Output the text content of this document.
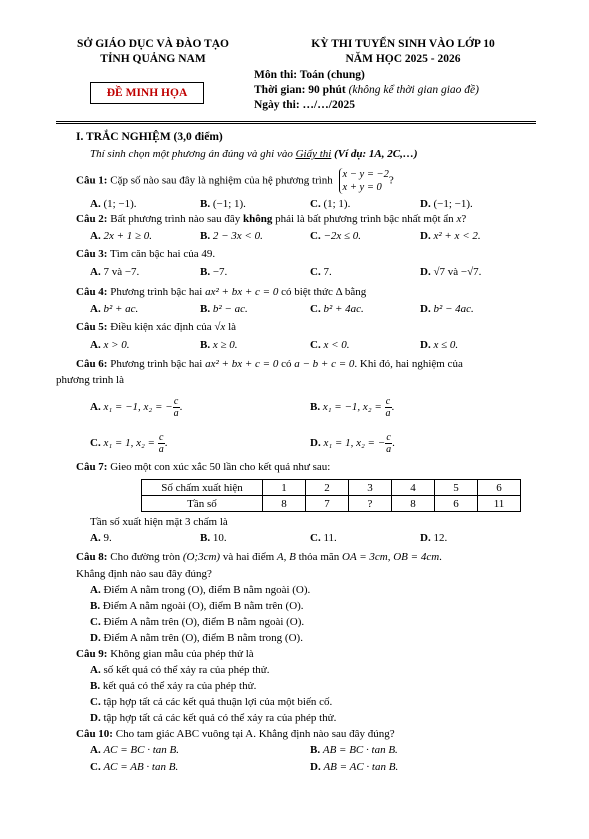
SỞ GIÁO DỤC VÀ ĐÀO TẠO
TỈNH QUẢNG NAM
ĐỀ MINH HỌA
KỲ THI TUYỂN SINH VÀO LỚP 10
NĂM HỌC 2025 - 2026
Môn thi: Toán (chung)
Thời gian: 90 phút (không kể thời gian giao đề)
Ngày thi: …/…/2025
I. TRẮC NGHIỆM (3,0 điểm)
Thí sinh chọn một phương án đúng và ghi vào Giấy thi (Ví dụ: 1A, 2C,…)
Câu 1: Cặp số nào sau đây là nghiệm của hệ phương trình
x − y = −2
x + y = 0
?
A. (1; −1).	B. (−1; 1).	C. (1; 1).	D. (−1; −1).
Câu 2: Bất phương trình nào sau đây không phải là bất phương trình bậc nhất một ẩn x?
A. 2x + 1 ≥ 0.	B. 2 − 3x < 0.	C. −2x ≤ 0.	D. x² + x < 2.
Câu 3: Tìm căn bậc hai của 49.
A. 7 và −7.	B. −7.	C. 7.	D. √7 và −√7.
Câu 4: Phương trình bậc hai ax² + bx + c = 0 có biệt thức Δ bằng
A. b² + ac.	B. b² − ac.	C. b² + 4ac.	D. b² − 4ac.
Câu 5: Điều kiện xác định của √x là
A. x > 0.	B. x ≥ 0.	C. x < 0.	D. x ≤ 0.
Câu 6: Phương trình bậc hai ax² + bx + c = 0 có a − b + c = 0. Khi đó, hai nghiệm của
phương trình là
A. x₁ = −1, x₂ = − $\frac{c}{a}$ .	B. x₁ = −1, $x_2 = \frac{c}{a}$ .
C. x₁ = 1, $x_2 = \frac{c}{a}$ .	D. x₁ = 1, x₂ = − $\frac{c}{a}$ .
Câu 7: Gieo một con xúc xắc 50 lần cho kết quả như sau:
Số chấm xuất hiện	1	2	3	4	5	6
Tần số	8	7	?	8	6	11
Tần số xuất hiện mặt 3 chấm là
A. 9.	B. 10.	C. 11.	D. 12.
Câu 8: Cho đường tròn (O;3cm) và hai điểm A, B thỏa mãn OA = 3cm, OB = 4cm.
Khẳng định nào sau đây đúng?
A. Điểm A nằm trong (O), điểm B nằm ngoài (O).
B. Điểm A nằm ngoài (O), điểm B nằm trên (O).
C. Điểm A nằm trên (O), điểm B nằm ngoài (O).
D. Điểm A nằm trên (O), điểm B nằm trong (O).
Câu 9: Không gian mẫu của phép thử là
A. số kết quả có thể xảy ra của phép thử.
B. kết quả có thể xảy ra của phép thử.
C. tập hợp tất cả các kết quả thuận lợi của một biến cố.
D. tập hợp tất cả các kết quả có thể xảy ra của phép thử.
Câu 10: Cho tam giác ABC vuông tại A. Khẳng định nào sau đây đúng?
A. AC = BC · tan B.	B. AB = BC · tan B.
C. AC = AB · tan B.	D. AB = AC · tan B.
